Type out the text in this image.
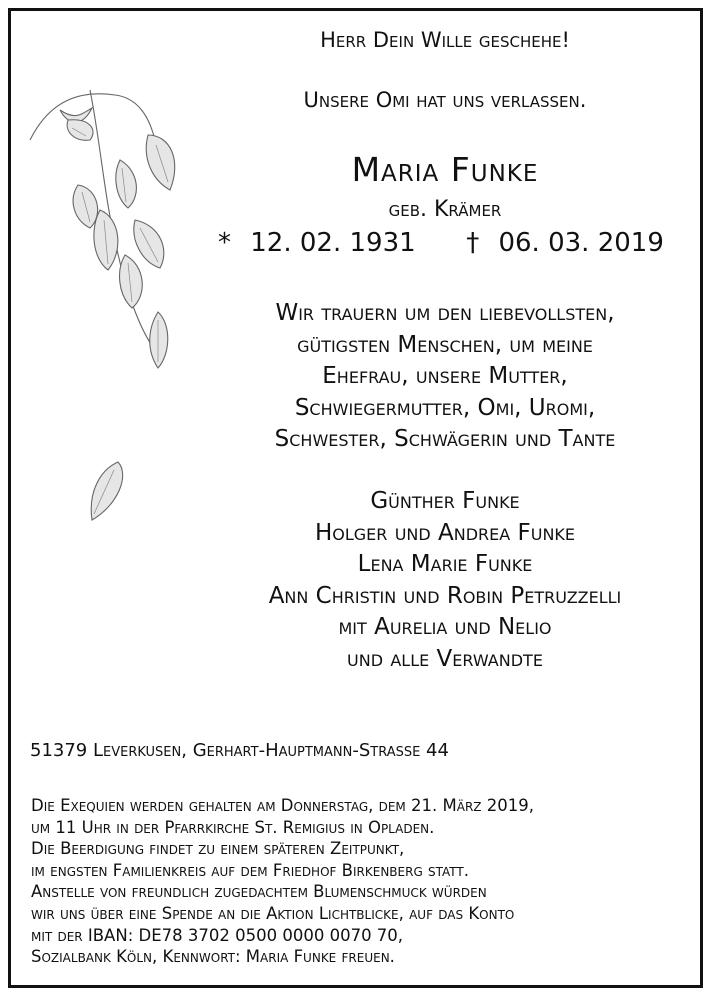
Herr Dein Wille geschehe!
Unsere Omi hat uns verlassen.
Maria Funke
geb. Krämer
* 12. 02. 1931 † 06. 03. 2019
Wir trauern um den liebevollsten,
gütigsten Menschen, um meine
Ehefrau, unsere Mutter,
Schwiegermutter, Omi, Uromi,
Schwester, Schwägerin und Tante
Günther Funke
Holger und Andrea Funke
Lena Marie Funke
Ann Christin und Robin Petruzzelli
mit Aurelia und Nelio
und alle Verwandte
51379 Leverkusen, Gerhart-Hauptmann-Strasse 44
Die Exequien werden gehalten am Donnerstag, dem 21. März 2019,
um 11 Uhr in der Pfarrkirche St. Remigius in Opladen.
Die Beerdigung findet zu einem späteren Zeitpunkt,
im engsten Familienkreis auf dem Friedhof Birkenberg statt.
Anstelle von freundlich zugedachtem Blumenschmuck würden
wir uns über eine Spende an die Aktion Lichtblicke, auf das Konto
mit der IBAN: DE78 3702 0500 0000 0070 70,
Sozialbank Köln, Kennwort: Maria Funke freuen.
